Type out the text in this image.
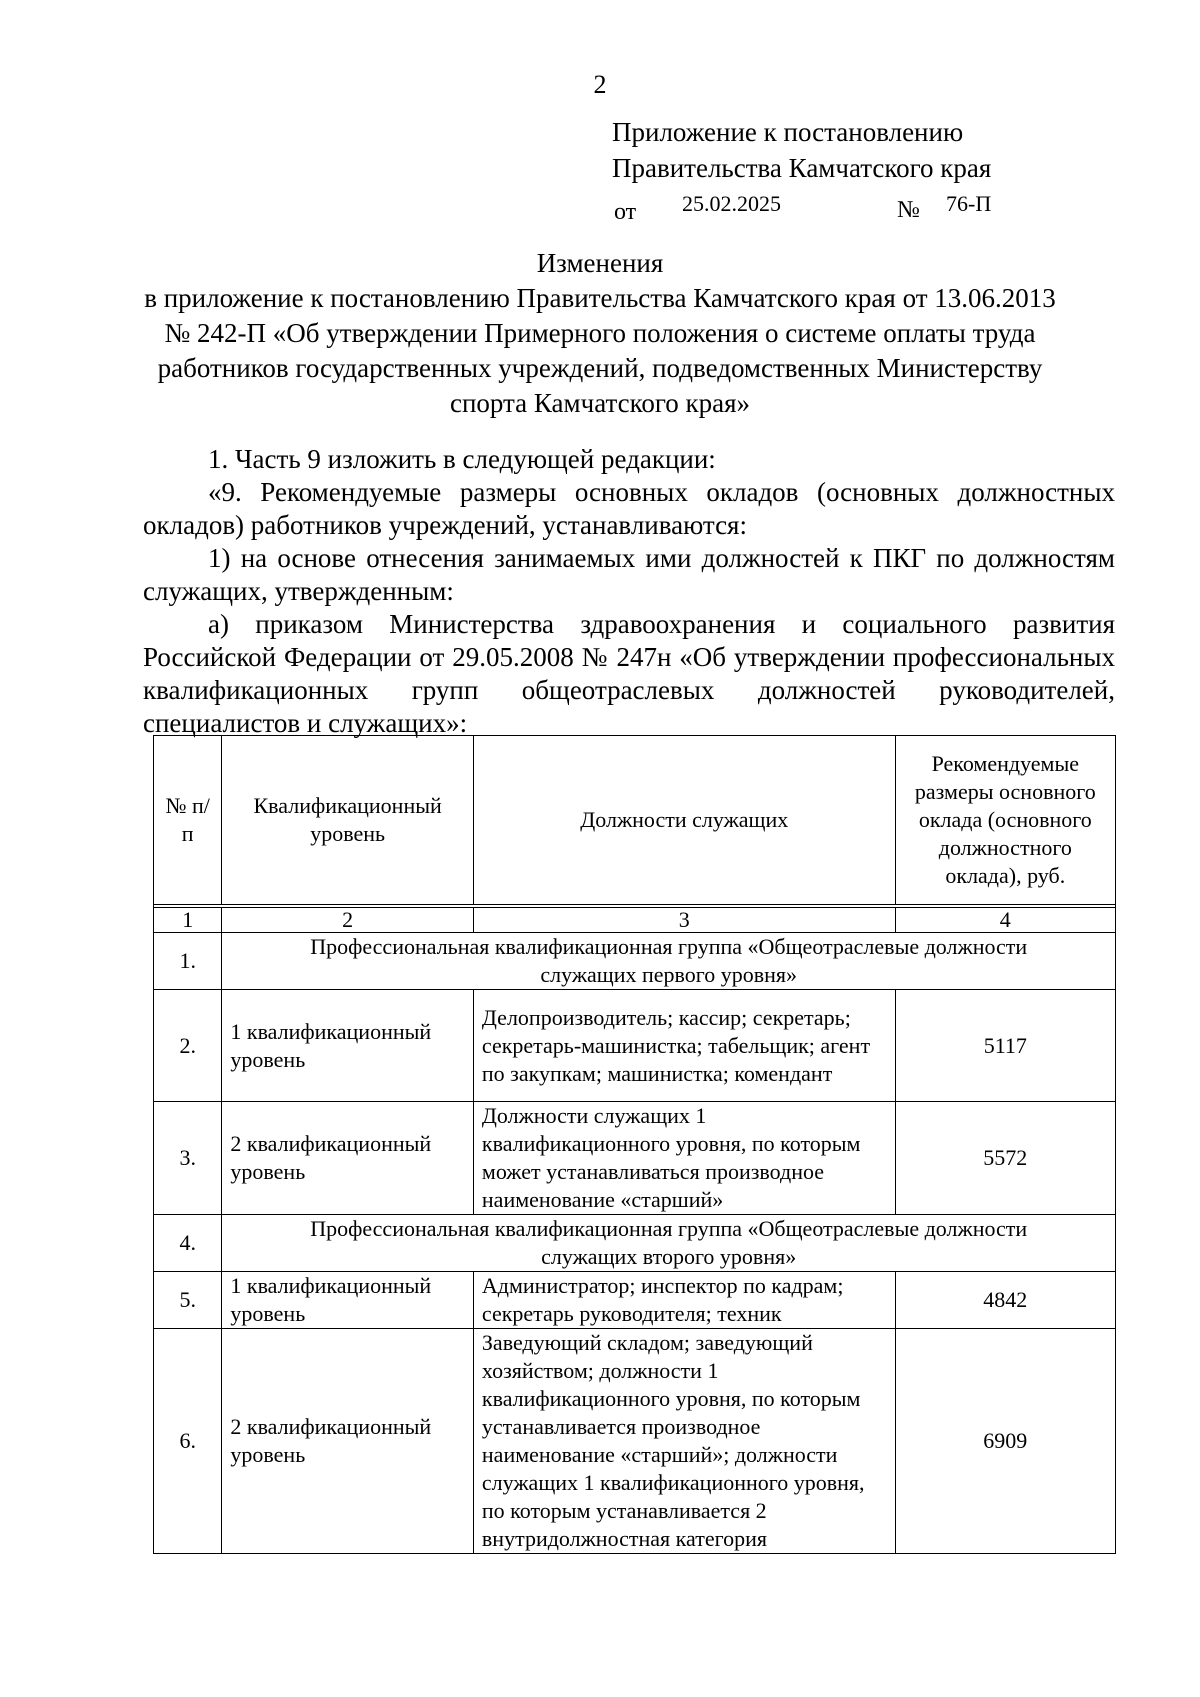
2
Приложение к постановлению
Правительства Камчатского края
от 25.02.2025	№ 76-П
Изменения
в приложение к постановлению Правительства Камчатского края от 13.06.2013
№ 242-П «Об утверждении Примерного положения о системе оплаты труда
работников государственных учреждений, подведомственных Министерству
спорта Камчатского края»
1. Часть 9 изложить в следующей редакции:
«9. Рекомендуемые размеры основных окладов (основных должностных окладов) работников учреждений, устанавливаются:
1) на основе отнесения занимаемых ими должностей к ПКГ по должностям служащих, утвержденным:
а) приказом Министерства здравоохранения и социального развития Российской Федерации от 29.05.2008 № 247н «Об утверждении профессиональных квалификационных групп общеотраслевых должностей руководителей, специалистов и служащих»:
№ п/п	Квалификационный уровень	Должности служащих	Рекомендуемые размеры основного оклада (основного должностного оклада), руб.

1	2	3	4
1.	Профессиональная квалификационная группа «Общеотраслевые должности служащих первого уровня»		
2.	1 квалификационный уровень	Делопроизводитель; кассир; секретарь; секретарь-машинистка; табельщик; агент по закупкам; машинистка; комендант	5117
3.	2 квалификационный уровень	Должности служащих 1 квалификационного уровня, по которым может устанавливаться производное наименование «старший»	5572
4.	Профессиональная квалификационная группа «Общеотраслевые должности служащих второго уровня»		
5.	1 квалификационный уровень	Администратор; инспектор по кадрам; секретарь руководителя; техник	4842
6.	2 квалификационный уровень	Заведующий складом; заведующий хозяйством; должности 1 квалификационного уровня, по которым устанавливается производное наименование «старший»; должности служащих 1 квалификационного уровня, по которым устанавливается 2 внутридолжностная категория	6909
